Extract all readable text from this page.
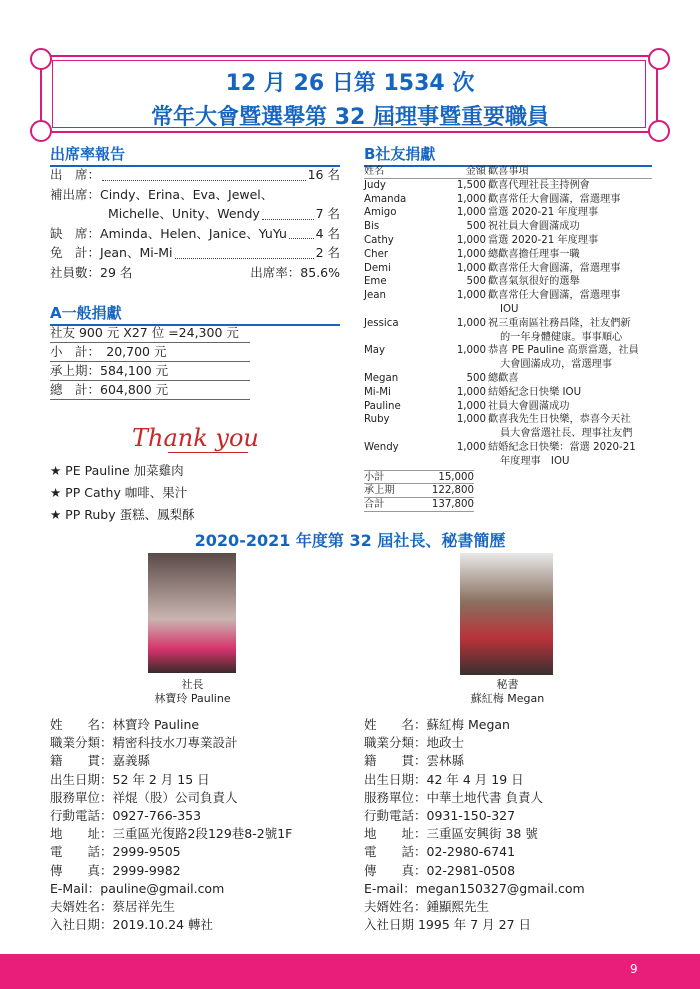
12 月 26 日第 1534 次
常年大會暨選舉第 32 屆理事暨重要職員
出席率報告
出　席：	16 名
補出席： Cindy、Erina、Eva、Jewel、
Michelle、Unity、Wendy	7 名
缺　席： Aminda、Helen、Janice、YuYu 4 名
免　計： Jean、Mi-Mi	2 名
社員數：29 名	出席率：85.6%
A一般捐獻
社友 900 元 X27 位 =24,300 元
小　計：　20,700 元
承上期：584,100 元
總　計：604,800 元
Thank you
★ PE Pauline 加菜雞肉
★ PP Cathy 咖啡、果汁
★ PP Ruby 蛋糕、鳳梨酥
B社友捐獻
姓名	金額 歡喜事項
Judy	1,500 歡喜代理社長主持例會
Amanda	1,000 歡喜常任大會圓滿，當選理事
Amigo	1,000 當選 2020-21 年度理事
Bis	500 祝社員大會圓滿成功
Cathy	1,000 當選 2020-21 年度理事
Cher	1,000 總歡喜擔任理事一職
Demi	1,000 歡喜常任大會圓滿，當選理事
Eme	500 歡喜氣氛很好的選舉
Jean	1,000 歡喜常任大會圓滿，當選理事
IOU
Jessica	1,000 祝三重南區社務昌隆，社友們新
的一年身體健康。事事順心
May	1,000 恭喜 PE Pauline 高票當選，社員
大會圓滿成功，當選理事
Megan	500 總歡喜
Mi-Mi	1,000 結婚紀念日快樂 IOU
Pauline	1,000 社員大會圓滿成功
Ruby	1,000 歡喜我先生日快樂，恭喜今天社
員大會當選社長、理事社友們
Wendy	1,000 結婚紀念日快樂：當選 2020-21
年度理事　IOU
小計	15,000
承上期	122,800
合計	137,800
2020-2021 年度第 32 屆社長、秘書簡歷
社長
林寶玲 Pauline
秘書
蘇紅梅 Megan
姓　　名：林寶玲 Pauline
職業分類：精密科技水刀專業設計
籍　　貫：嘉義縣
出生日期：52 年 2 月 15 日
服務單位：祥焜（股）公司負責人
行動電話：0927-766-353
地　　址：三重區光復路2段129巷8-2號1F
電　　話：2999-9505
傳　　真：2999-9982
E-Mail：pauline@gmail.com
夫婿姓名：蔡居祥先生
入社日期：2019.10.24 轉社
姓　　名：蘇紅梅 Megan
職業分類：地政士
籍　　貫：雲林縣
出生日期：42 年 4 月 19 日
服務單位：中華土地代書 負責人
行動電話：0931-150-327
地　　址：三重區安興街 38 號
電　　話：02-2980-6741
傳　　真：02-2981-0508
E-mail：megan150327@gmail.com
夫婿姓名：鍾顯熙先生
入社日期 1995 年 7 月 27 日
9
